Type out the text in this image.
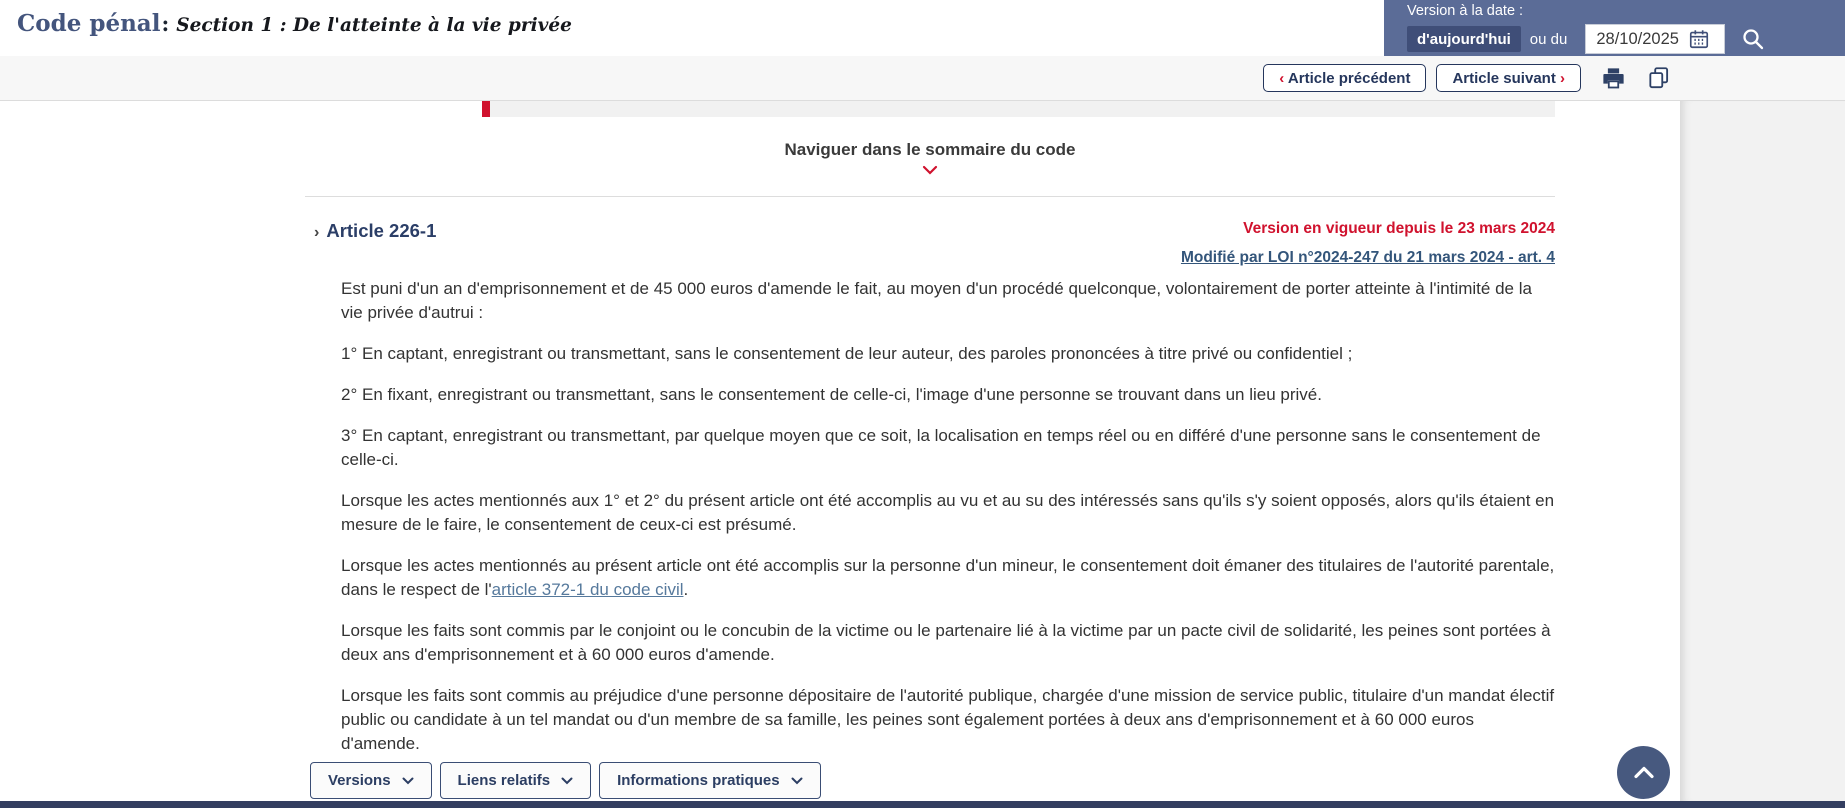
Code pénal: Section 1 : De l'atteinte à la vie privée
Version à la date :
d'aujourd'hui	ou du
28/10/2025
‹ Article précédent	Article suivant ›
Naviguer dans le sommaire du code
› Article 226-1	Version en vigueur depuis le 23 mars 2024
Modifié par LOI n°2024-247 du 21 mars 2024 - art. 4

Est puni d'un an d'emprisonnement et de 45 000 euros d'amende le fait, au moyen d'un procédé quelconque, volontairement de porter atteinte à l'intimité de la vie privée d'autrui :

1° En captant, enregistrant ou transmettant, sans le consentement de leur auteur, des paroles prononcées à titre privé ou confidentiel ;

2° En fixant, enregistrant ou transmettant, sans le consentement de celle-ci, l'image d'une personne se trouvant dans un lieu privé.

3° En captant, enregistrant ou transmettant, par quelque moyen que ce soit, la localisation en temps réel ou en différé d'une personne sans le consentement de celle-ci.

Lorsque les actes mentionnés aux 1° et 2° du présent article ont été accomplis au vu et au su des intéressés sans qu'ils s'y soient opposés, alors qu'ils étaient en mesure de le faire, le consentement de ceux-ci est présumé.

Lorsque les actes mentionnés au présent article ont été accomplis sur la personne d'un mineur, le consentement doit émaner des titulaires de l'autorité parentale, dans le respect de l'article 372-1 du code civil.

Lorsque les faits sont commis par le conjoint ou le concubin de la victime ou le partenaire lié à la victime par un pacte civil de solidarité, les peines sont portées à deux ans d'emprisonnement et à 60 000 euros d'amende.

Lorsque les faits sont commis au préjudice d'une personne dépositaire de l'autorité publique, chargée d'une mission de service public, titulaire d'un mandat électif public ou candidate à un tel mandat ou d'un membre de sa famille, les peines sont également portées à deux ans d'emprisonnement et à 60 000 euros d'amende.

Versions	Liens relatifs	Informations pratiques
